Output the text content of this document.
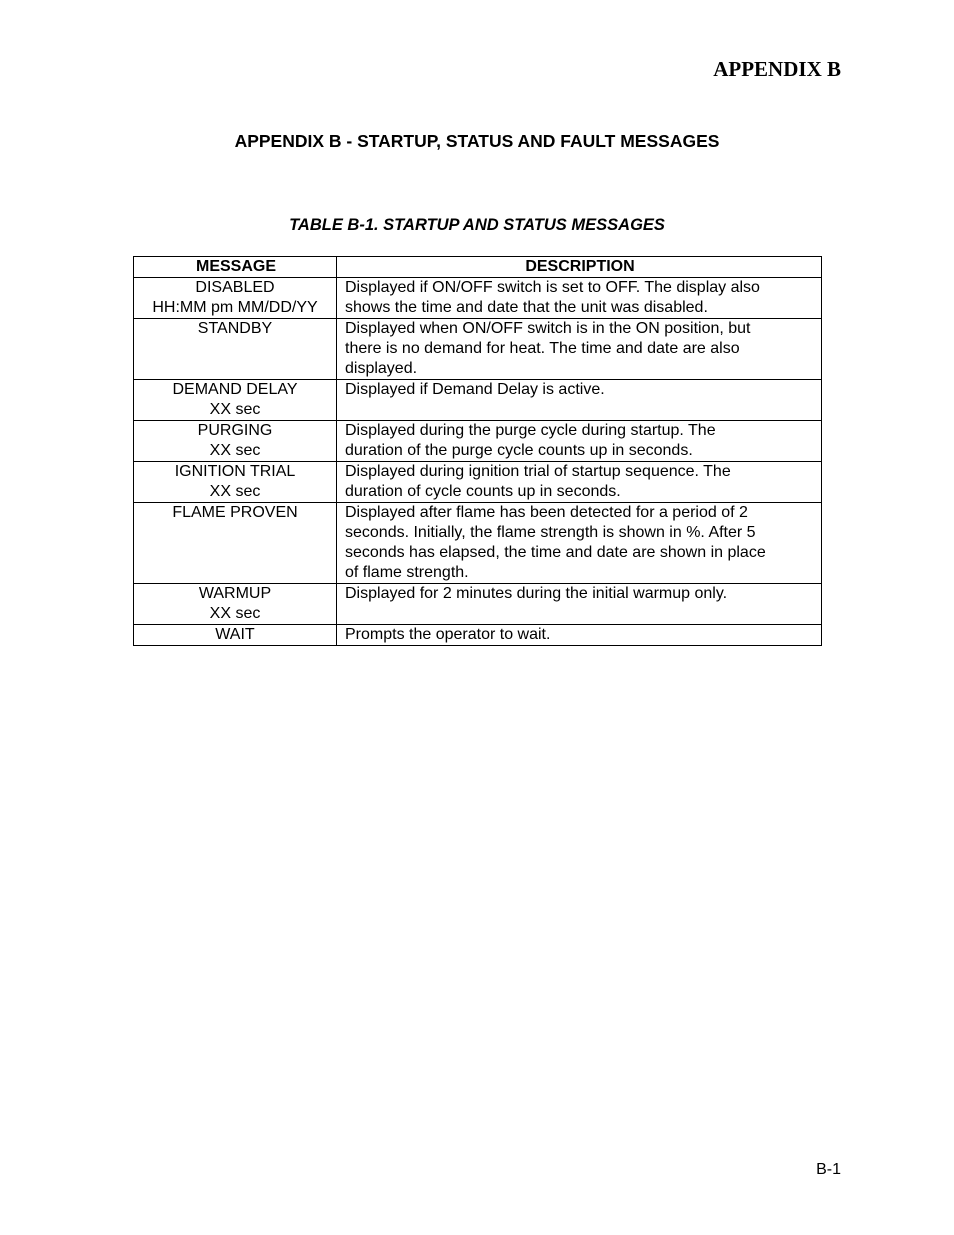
APPENDIX B
APPENDIX B - STARTUP, STATUS AND FAULT MESSAGES
TABLE B-1. STARTUP AND STATUS MESSAGES
MESSAGE	DESCRIPTION

DISABLED
HH:MM pm MM/DD/YY	Displayed if ON/OFF switch is set to OFF. The display also
shows the time and date that the unit was disabled.

STANDBY	Displayed when ON/OFF switch is in the ON position, but
there is no demand for heat. The time and date are also
displayed.

DEMAND DELAY
XX sec	Displayed if Demand Delay is active.

PURGING
XX sec	Displayed during the purge cycle during startup. The
duration of the purge cycle counts up in seconds.

IGNITION TRIAL
XX sec	Displayed during ignition trial of startup sequence. The
duration of cycle counts up in seconds.

FLAME PROVEN	Displayed after flame has been detected for a period of 2
seconds. Initially, the flame strength is shown in %. After 5
seconds has elapsed, the time and date are shown in place
of flame strength.

WARMUP
XX sec	Displayed for 2 minutes during the initial warmup only.

WAIT	Prompts the operator to wait.
B-1
